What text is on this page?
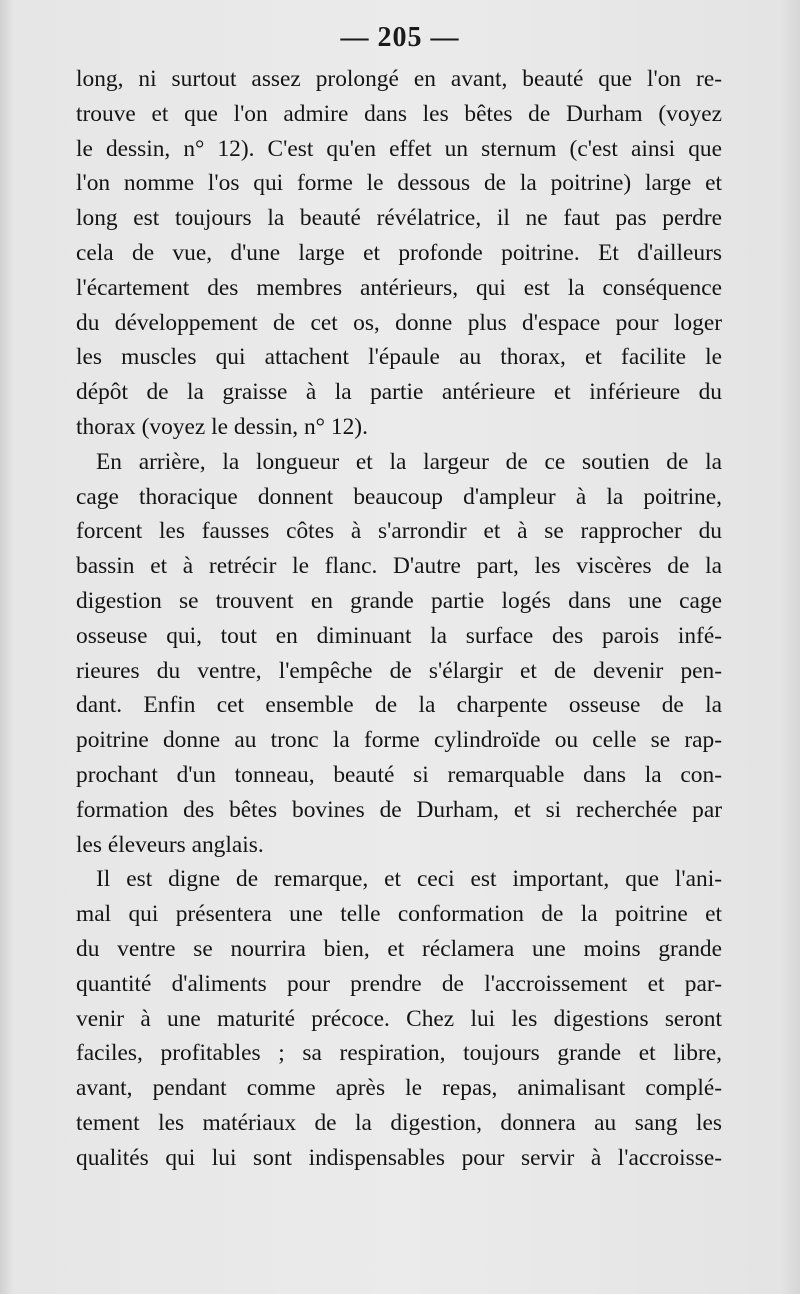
— 205 —
long, ni surtout assez prolongé en avant, beauté que l'on re-
trouve et que l'on admire dans les bêtes de Durham (voyez
le dessin, n° 12). C'est qu'en effet un sternum (c'est ainsi que
l'on nomme l'os qui forme le dessous de la poitrine) large et
long est toujours la beauté révélatrice, il ne faut pas perdre
cela de vue, d'une large et profonde poitrine. Et d'ailleurs
l'écartement des membres antérieurs, qui est la conséquence
du développement de cet os, donne plus d'espace pour loger
les muscles qui attachent l'épaule au thorax, et facilite le
dépôt de la graisse à la partie antérieure et inférieure du
thorax (voyez le dessin, n° 12).
En arrière, la longueur et la largeur de ce soutien de la
cage thoracique donnent beaucoup d'ampleur à la poitrine,
forcent les fausses côtes à s'arrondir et à se rapprocher du
bassin et à retrécir le flanc. D'autre part, les viscères de la
digestion se trouvent en grande partie logés dans une cage
osseuse qui, tout en diminuant la surface des parois infé-
rieures du ventre, l'empêche de s'élargir et de devenir pen-
dant. Enfin cet ensemble de la charpente osseuse de la
poitrine donne au tronc la forme cylindroïde ou celle se rap-
prochant d'un tonneau, beauté si remarquable dans la con-
formation des bêtes bovines de Durham, et si recherchée par
les éleveurs anglais.
Il est digne de remarque, et ceci est important, que l'ani-
mal qui présentera une telle conformation de la poitrine et
du ventre se nourrira bien, et réclamera une moins grande
quantité d'aliments pour prendre de l'accroissement et par-
venir à une maturité précoce. Chez lui les digestions seront
faciles, profitables ; sa respiration, toujours grande et libre,
avant, pendant comme après le repas, animalisant complé-
tement les matériaux de la digestion, donnera au sang les
qualités qui lui sont indispensables pour servir à l'accroisse-
